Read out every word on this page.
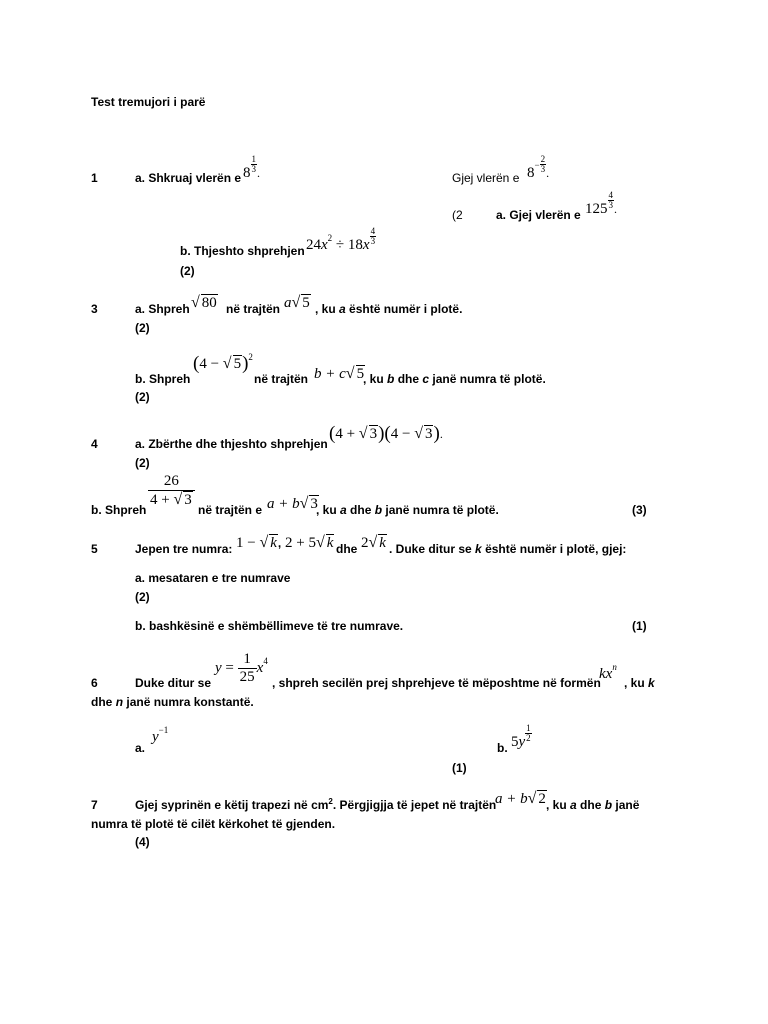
Test tremujori i parë
1	a. Shkruaj vlerën e $8 \frac{1}{3}$ .	Gjej vlerën e $8^- \frac{2}{3}$ .
(2	a. Gjej vlerën e $125 \frac{4}{3}$ .
b. Thjeshto shprehjen $24x^2 \div 18x \frac{4}{3}$
(2)
3	a. Shpreh √ 80 në trajtën a√ 5 , ku a është numër i plotë.
(2)
b. Shpreh
(4 − √ 5)$^2$
në trajtën b + c√ 5
, ku b dhe c janë numra të plotë.
(2)
4	a. Zbërthe dhe thjeshto shprehjen (4 + √ 3)(4 − √ 3).
(2)
b. Shpreh
$\frac{26}{4 + √ 3}$
në trajtën e a + b√ 3
, ku a dhe b janë numra të plotë.	(3)
5	Jepen tre numra: 1 − √ k, 2 + 5√ k dhe 2√ k . Duke ditur se k është numër i plotë, gjej:
a. mesataren e tre numrave
(2)
b. bashkësinë e shëmbëllimeve të tre numrave.	(1)
6	Duke ditur se
$y = \frac{1}{25} x^4$
, shpreh secilën prej shprehjeve të mëposhtme në formën
$kx^n$
, ku k
dhe n janë numra konstantë.
a.
$y^{-1}$
b. $5y \frac{1}{2}$
(1)
7	Gjej syprinën e këtij trapezi në $cm^2$. Përgjigjja të jepet në trajtën
a + b√ 2 , ku a dhe b janë
numra të plotë të cilët kërkohet të gjenden.
(4)
